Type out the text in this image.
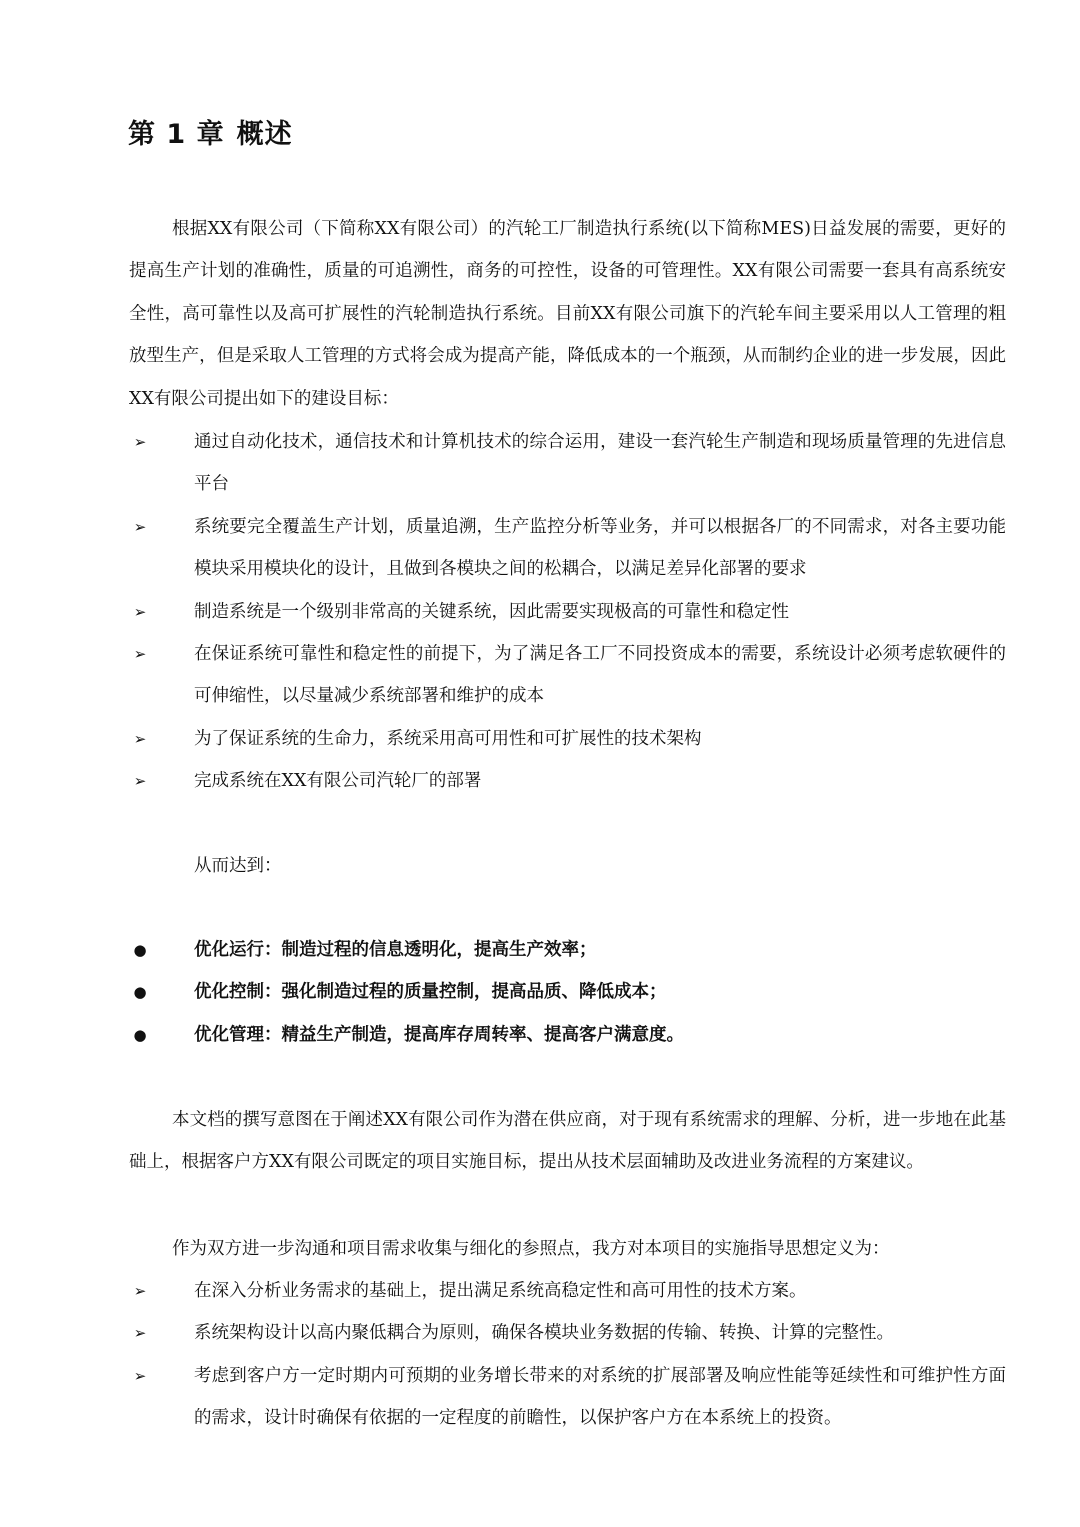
第 1 章 概述

根据XX有限公司（下简称XX有限公司）的汽轮工厂制造执行系统(以下简称MES)日益发展的需要，更好的提高生产计划的准确性，质量的可追溯性，商务的可控性，设备的可管理性。XX有限公司需要一套具有高系统安全性，高可靠性以及高可扩展性的汽轮制造执行系统。目前XX有限公司旗下的汽轮车间主要采用以人工管理的粗放型生产，但是采取人工管理的方式将会成为提高产能，降低成本的一个瓶颈，从而制约企业的进一步发展，因此XX有限公司提出如下的建设目标：

➢	通过自动化技术，通信技术和计算机技术的综合运用，建设一套汽轮生产制造和现场质量管理的先进信息平台
➢	系统要完全覆盖生产计划，质量追溯，生产监控分析等业务，并可以根据各厂的不同需求，对各主要功能模块采用模块化的设计，且做到各模块之间的松耦合，以满足差异化部署的要求
➢	制造系统是一个级别非常高的关键系统，因此需要实现极高的可靠性和稳定性
➢	在保证系统可靠性和稳定性的前提下，为了满足各工厂不同投资成本的需要，系统设计必须考虑软硬件的可伸缩性，以尽量减少系统部署和维护的成本
➢	为了保证系统的生命力，系统采用高可用性和可扩展性的技术架构
➢	完成系统在XX有限公司汽轮厂的部署

从而达到：

●	优化运行：制造过程的信息透明化，提高生产效率；
●	优化控制：强化制造过程的质量控制，提高品质、降低成本；
●	优化管理：精益生产制造，提高库存周转率、提高客户满意度。

本文档的撰写意图在于阐述XX有限公司作为潜在供应商，对于现有系统需求的理解、分析，进一步地在此基础上，根据客户方XX有限公司既定的项目实施目标，提出从技术层面辅助及改进业务流程的方案建议。

作为双方进一步沟通和项目需求收集与细化的参照点，我方对本项目的实施指导思想定义为：

➢	在深入分析业务需求的基础上，提出满足系统高稳定性和高可用性的技术方案。
➢	系统架构设计以高内聚低耦合为原则，确保各模块业务数据的传输、转换、计算的完整性。
➢	考虑到客户方一定时期内可预期的业务增长带来的对系统的扩展部署及响应性能等延续性和可维护性方面的需求，设计时确保有依据的一定程度的前瞻性，以保护客户方在本系统上的投资。
